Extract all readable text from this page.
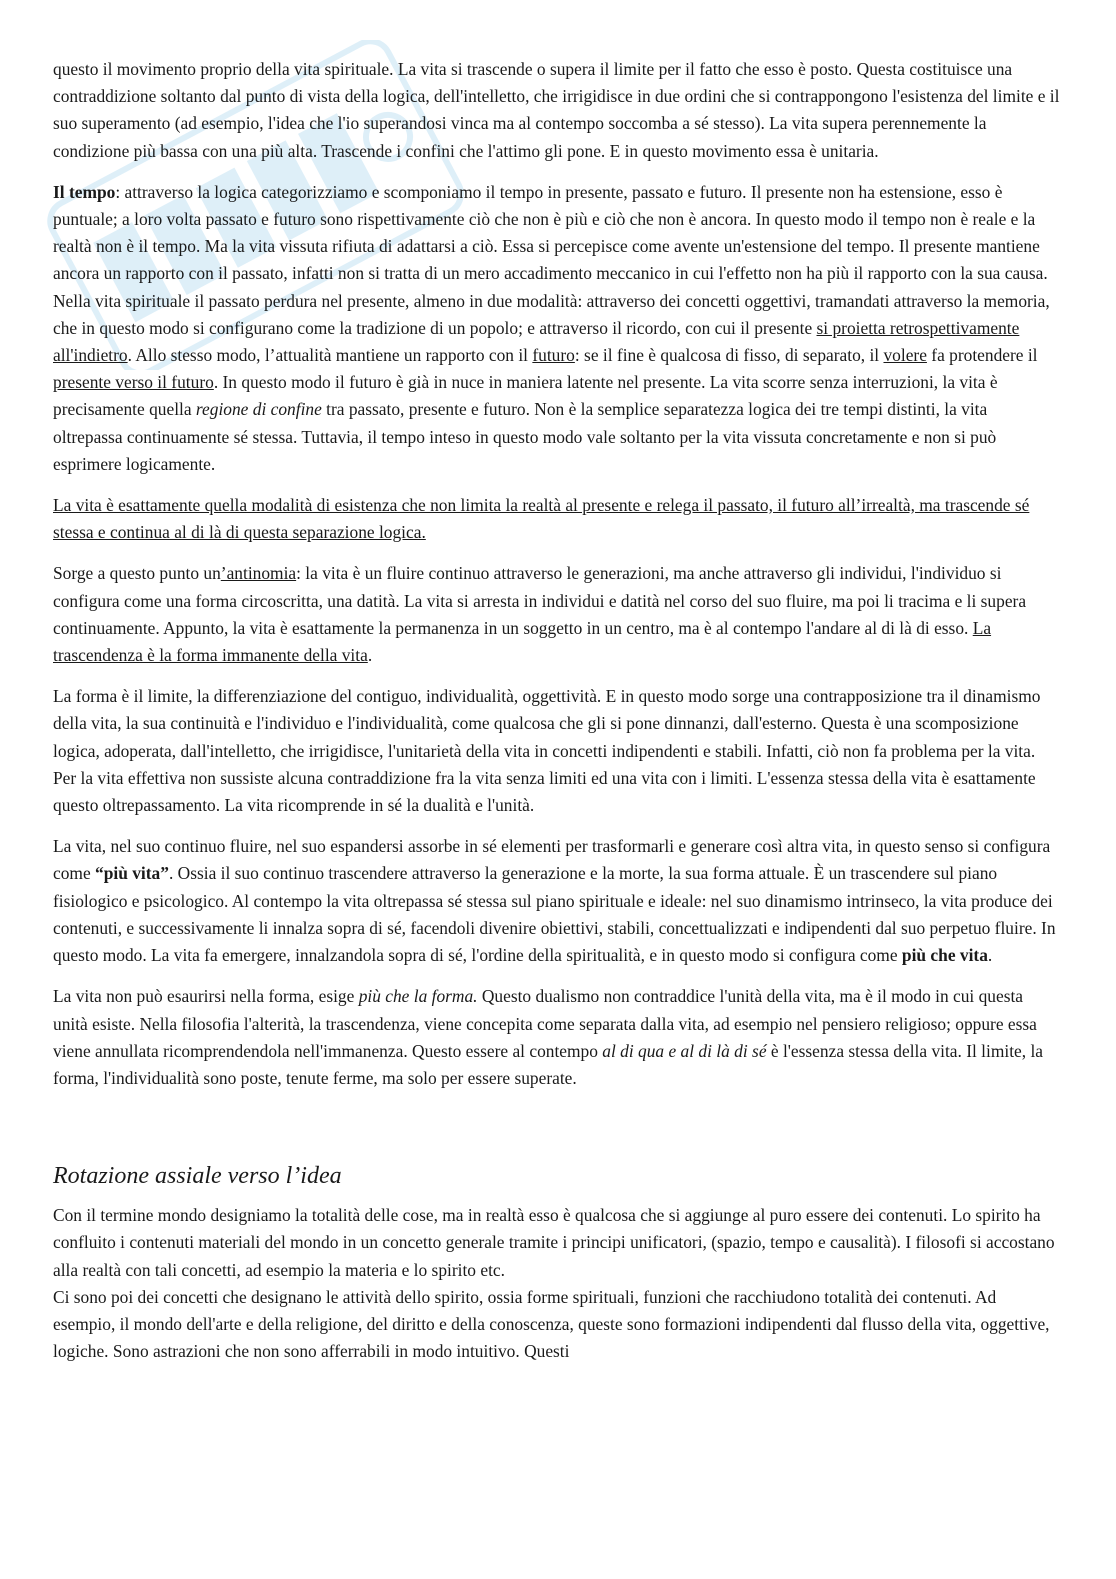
questo il movimento proprio della vita spirituale. La vita si trascende o supera il limite per il fatto che esso è posto. Questa costituisce una contraddizione soltanto dal punto di vista della logica, dell'intelletto, che irrigidisce in due ordini che si contrappongono l'esistenza del limite e il suo superamento (ad esempio, l'idea che l'io superandosi vinca ma al contempo soccomba a sé stesso). La vita supera perennemente la condizione più bassa con una più alta. Trascende i confini che l'attimo gli pone. E in questo movimento essa è unitaria.

Il tempo: attraverso la logica categorizziamo e scomponiamo il tempo in presente, passato e futuro. Il presente non ha estensione, esso è puntuale; a loro volta passato e futuro sono rispettivamente ciò che non è più e ciò che non è ancora. In questo modo il tempo non è reale e la realtà non è il tempo. Ma la vita vissuta rifiuta di adattarsi a ciò. Essa si percepisce come avente un'estensione del tempo. Il presente mantiene ancora un rapporto con il passato, infatti non si tratta di un mero accadimento meccanico in cui l'effetto non ha più il rapporto con la sua causa. Nella vita spirituale il passato perdura nel presente, almeno in due modalità: attraverso dei concetti oggettivi, tramandati attraverso la memoria, che in questo modo si configurano come la tradizione di un popolo; e attraverso il ricordo, con cui il presente si proietta retrospettivamente all'indietro. Allo stesso modo, l’attualità mantiene un rapporto con il futuro: se il fine è qualcosa di fisso, di separato, il volere fa protendere il presente verso il futuro. In questo modo il futuro è già in nuce in maniera latente nel presente. La vita scorre senza interruzioni, la vita è precisamente quella regione di confine tra passato, presente e futuro. Non è la semplice separatezza logica dei tre tempi distinti, la vita oltrepassa continuamente sé stessa. Tuttavia, il tempo inteso in questo modo vale soltanto per la vita vissuta concretamente e non si può esprimere logicamente.

La vita è esattamente quella modalità di esistenza che non limita la realtà al presente e relega il passato, il futuro all’irrealtà, ma trascende sé stessa e continua al di là di questa separazione logica.

Sorge a questo punto un’antinomia: la vita è un fluire continuo attraverso le generazioni, ma anche attraverso gli individui, l'individuo si configura come una forma circoscritta, una datità. La vita si arresta in individui e datità nel corso del suo fluire, ma poi li tracima e li supera continuamente. Appunto, la vita è esattamente la permanenza in un soggetto in un centro, ma è al contempo l'andare al di là di esso. La trascendenza è la forma immanente della vita.

La forma è il limite, la differenziazione del contiguo, individualità, oggettività. E in questo modo sorge una contrapposizione tra il dinamismo della vita, la sua continuità e l'individuo e l'individualità, come qualcosa che gli si pone dinnanzi, dall'esterno. Questa è una scomposizione logica, adoperata, dall'intelletto, che irrigidisce, l'unitarietà della vita in concetti indipendenti e stabili. Infatti, ciò non fa problema per la vita. Per la vita effettiva non sussiste alcuna contraddizione fra la vita senza limiti ed una vita con i limiti. L'essenza stessa della vita è esattamente questo oltrepassamento. La vita ricomprende in sé la dualità e l'unità.

La vita, nel suo continuo fluire, nel suo espandersi assorbe in sé elementi per trasformarli e generare così altra vita, in questo senso si configura come “più vita”. Ossia il suo continuo trascendere attraverso la generazione e la morte, la sua forma attuale. È un trascendere sul piano fisiologico e psicologico. Al contempo la vita oltrepassa sé stessa sul piano spirituale e ideale: nel suo dinamismo intrinseco, la vita produce dei contenuti, e successivamente li innalza sopra di sé, facendoli divenire obiettivi, stabili, concettualizzati e indipendenti dal suo perpetuo fluire. In questo modo. La vita fa emergere, innalzandola sopra di sé, l'ordine della spiritualità, e in questo modo si configura come più che vita.

La vita non può esaurirsi nella forma, esige più che la forma. Questo dualismo non contraddice l'unità della vita, ma è il modo in cui questa unità esiste. Nella filosofia l'alterità, la trascendenza, viene concepita come separata dalla vita, ad esempio nel pensiero religioso; oppure essa viene annullata ricomprendendola nell'immanenza. Questo essere al contempo al di qua e al di là di sé è l'essenza stessa della vita. Il limite, la forma, l'individualità sono poste, tenute ferme, ma solo per essere superate.

Rotazione assiale verso l’idea

Con il termine mondo designiamo la totalità delle cose, ma in realtà esso è qualcosa che si aggiunge al puro essere dei contenuti. Lo spirito ha confluito i contenuti materiali del mondo in un concetto generale tramite i principi unificatori, (spazio, tempo e causalità). I filosofi si accostano alla realtà con tali concetti, ad esempio la materia e lo spirito etc.

Ci sono poi dei concetti che designano le attività dello spirito, ossia forme spirituali, funzioni che racchiudono totalità dei contenuti. Ad esempio, il mondo dell'arte e della religione, del diritto e della conoscenza, queste sono formazioni indipendenti dal flusso della vita, oggettive, logiche. Sono astrazioni che non sono afferrabili in modo intuitivo. Questi
